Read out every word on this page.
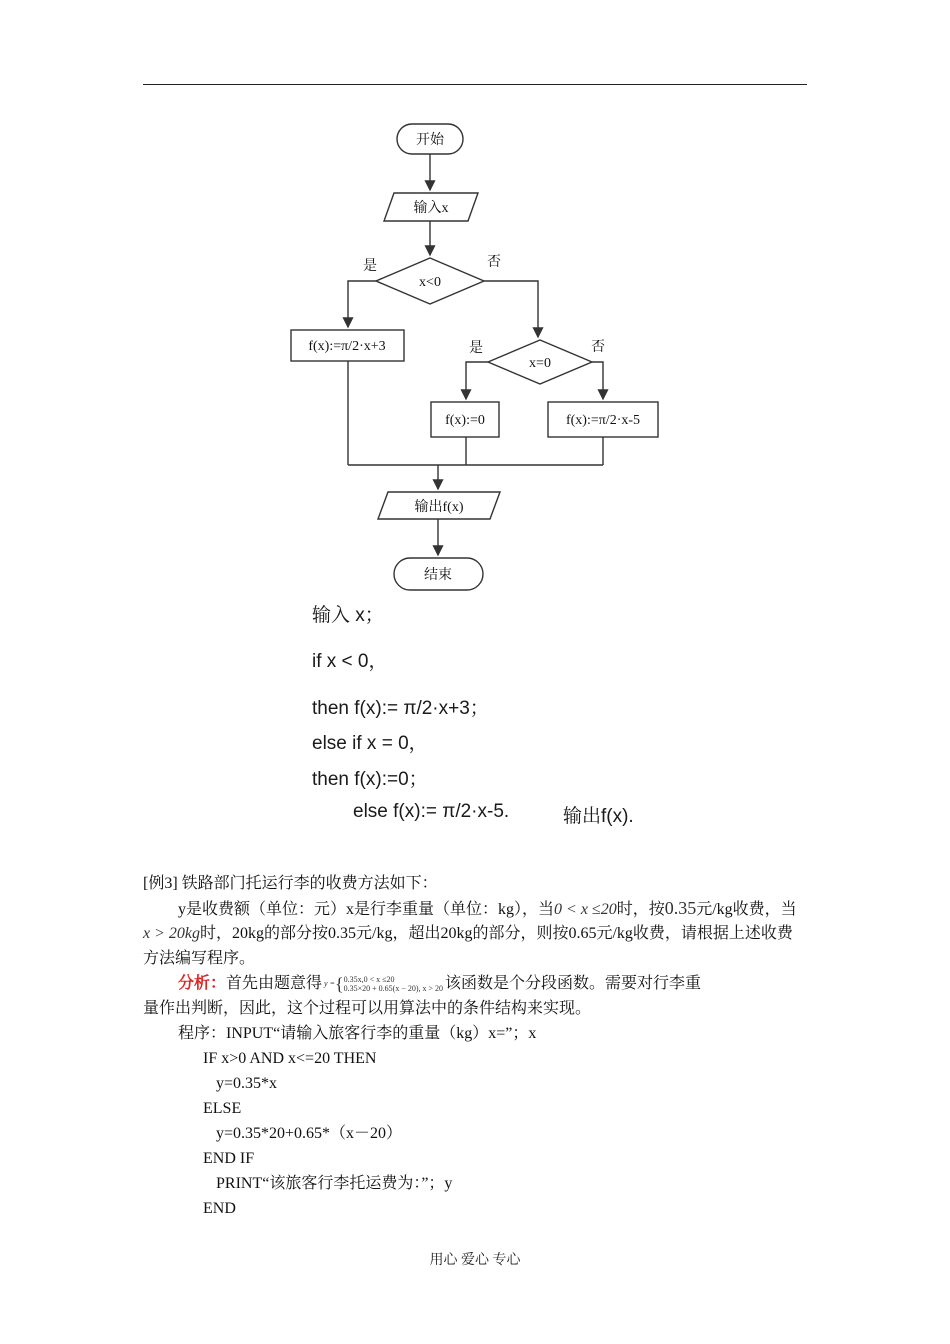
开始
输入x
x<0
是	否
f(x):=π/2·x+3
x=0
是	否
f(x):=0	f(x):=π/2·x-5
输出f(x)
结束
输入 x；
if x < 0，
then f(x):= π/2·x+3；
else if x = 0，
then f(x):=0；
else f(x):= π/2·x-5.	输出f(x).
[例3] 铁路部门托运行李的收费方法如下：
y是收费额（单位：元）x是行李重量（单位：kg），当0 < x ≤20时，按0.35元/kg收费，当
x > 20kg时，20kg的部分按0.35元/kg，超出20kg的部分，则按0.65元/kg收费，请根据上述收费
方法编写程序。
分析：首先由题意得 y ={ 0.35x,0 < x ≤20
0.35×20 + 0.65(x − 20), x > 20 该函数是个分段函数。需要对行李重
量作出判断，因此，这个过程可以用算法中的条件结构来实现。
程序：INPUT“请输入旅客行李的重量（kg）x=”；x
IF x>0 AND x<=20 THEN
y=0.35*x
ELSE
y=0.35*20+0.65*（x－20）
END IF
PRINT“该旅客行李托运费为：”；y
END
用心 爱心 专心
